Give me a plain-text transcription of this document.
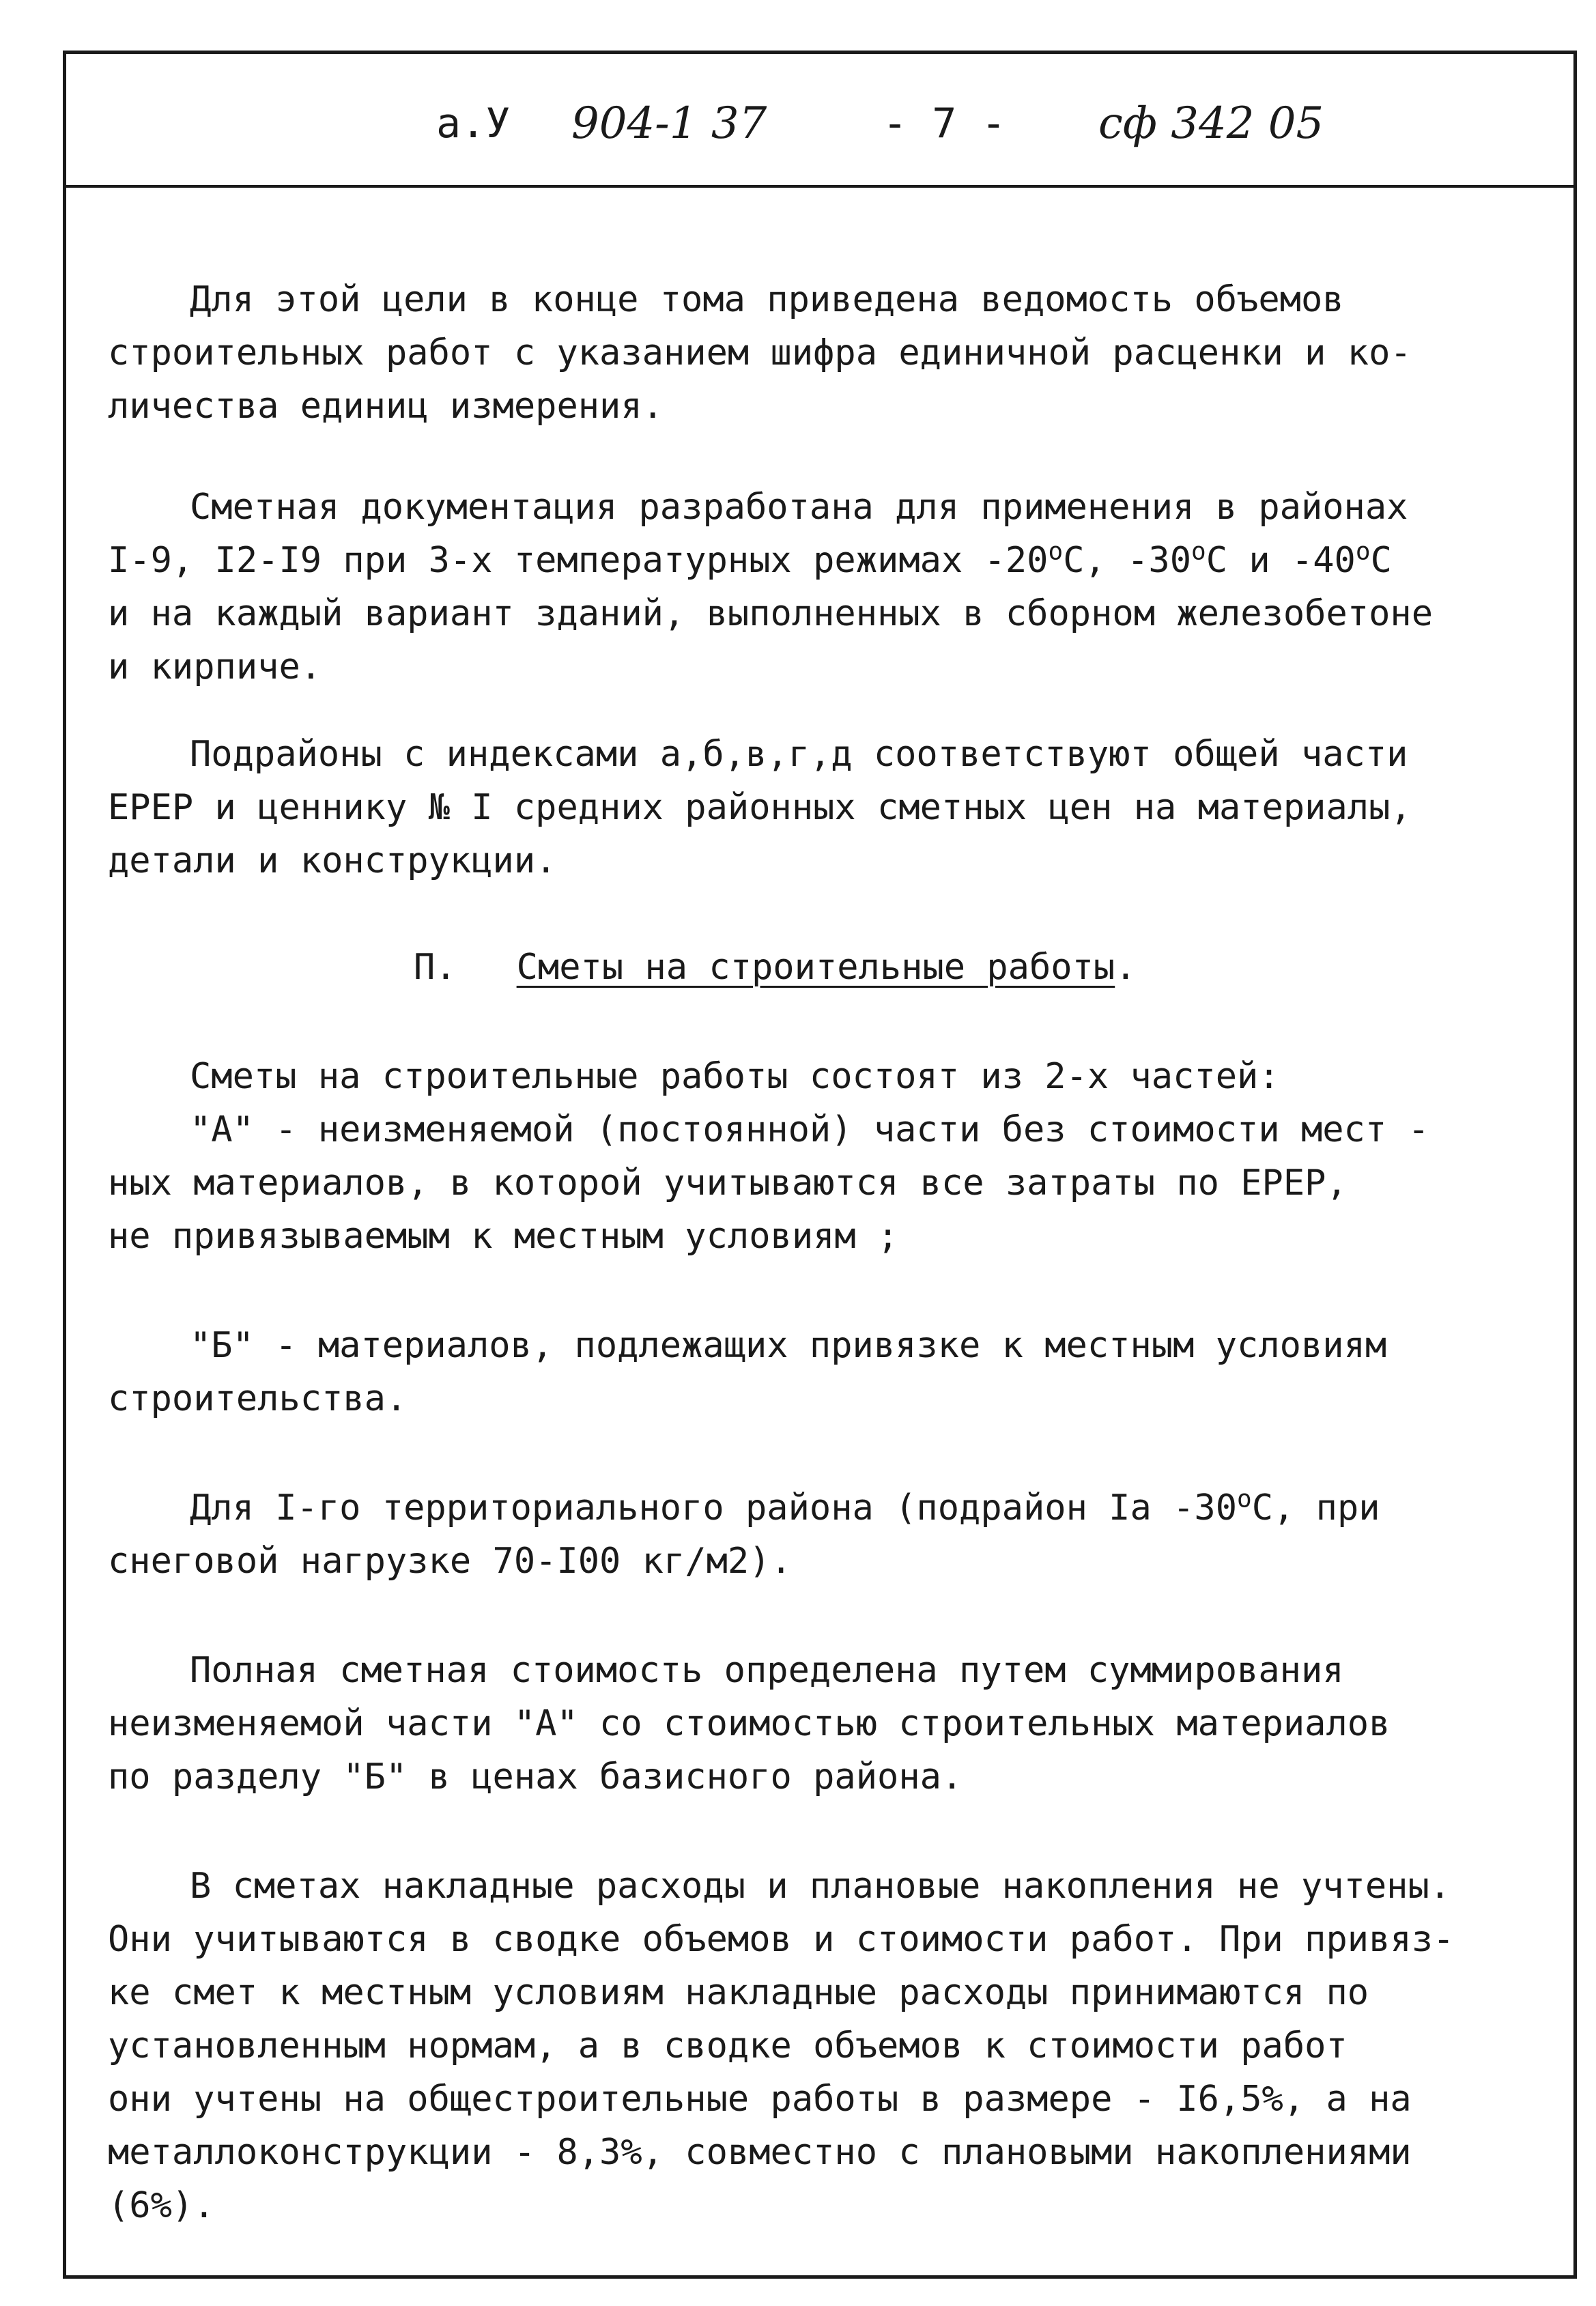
а.У 904-1 37	- 7 - сф 342 05

Для этой цели в конце тома приведена ведомость объемов

строительных работ с указанием шифра единичной расценки и ко-

личества единиц измерения.

Сметная документация разработана для применения в районах

I-9, I2-I9 при 3-х температурных режимах $-20^оС$, $-30^оС$ и $-40^оС$

и на каждый вариант зданий, выполненных в сборном железобетоне

и кирпиче.

Подрайоны с индексами а,б,в,г,д соответствуют общей части

ЕРЕР и ценнику № I средних районных сметных цен на материалы,

детали и конструкции.

П. Сметы на строительные работы.

Сметы на строительные работы состоят из 2-х частей:

"А" - неизменяемой (постоянной) части без стоимости мест -

ных материалов, в которой учитываются все затраты по ЕРЕР,

не привязываемым к местным условиям ;

"Б" - материалов, подлежащих привязке к местным условиям

строительства.

Для I-го территориального района (подрайон Iа $-30^оС$, при

снеговой нагрузке 70-I00 кг/м2).

Полная сметная стоимость определена путем суммирования

неизменяемой части "А" со стоимостью строительных материалов

по разделу "Б" в ценах базисного района.

В сметах накладные расходы и плановые накопления не учтены.

Они учитываются в сводке объемов и стоимости работ. При привяз-

ке смет к местным условиям накладные расходы принимаются по

установленным нормам, а в сводке объемов к стоимости работ

они учтены на общестроительные работы в размере - I6,5%, а на

металлоконструкции - 8,3%, совместно с плановыми накоплениями

(6%).
